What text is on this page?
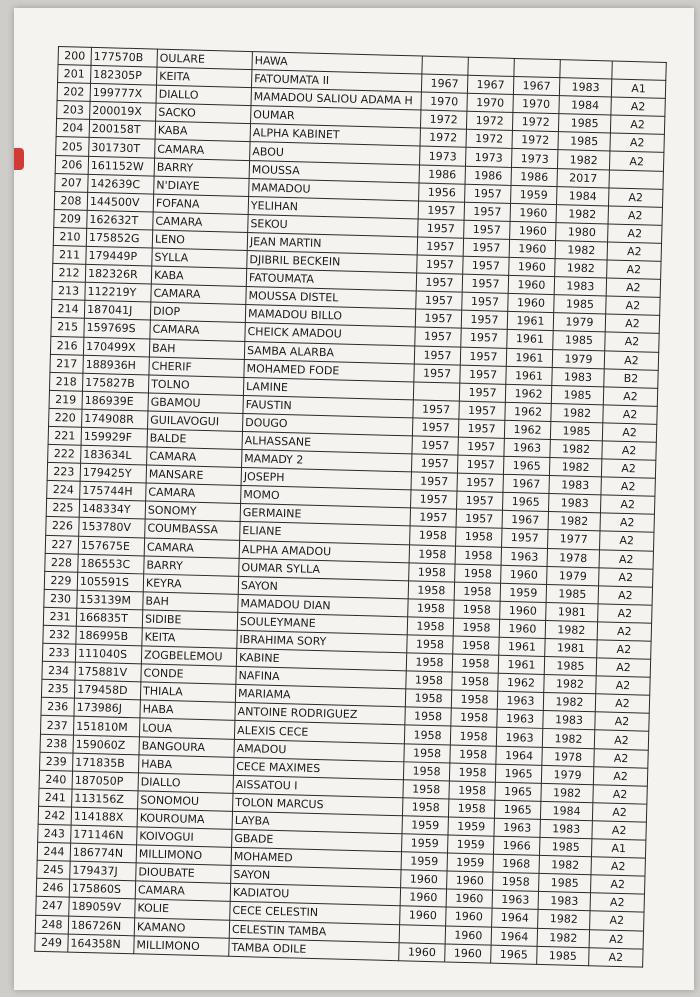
200	177570B	OULARE	HAWA					
201	182305P	KEITA	FATOUMATA II	1967	1967	1967	1983	A1
202	199777X	DIALLO	MAMADOU SALIOU ADAMA H	1970	1970	1970	1984	A2
203	200019X	SACKO	OUMAR	1972	1972	1972	1985	A2
204	200158T	KABA	ALPHA KABINET	1972	1972	1972	1985	A2
205	301730T	CAMARA	ABOU	1973	1973	1973	1982	A2
206	161152W	BARRY	MOUSSA	1986	1986	1986	2017	
207	142639C	N'DIAYE	MAMADOU	1956	1957	1959	1984	A2
208	144500V	FOFANA	YELIHAN	1957	1957	1960	1982	A2
209	162632T	CAMARA	SEKOU	1957	1957	1960	1980	A2
210	175852G	LENO	JEAN MARTIN	1957	1957	1960	1982	A2
211	179449P	SYLLA	DJIBRIL BECKEIN	1957	1957	1960	1982	A2
212	182326R	KABA	FATOUMATA	1957	1957	1960	1983	A2
213	112219Y	CAMARA	MOUSSA DISTEL	1957	1957	1960	1985	A2
214	187041J	DIOP	MAMADOU BILLO	1957	1957	1961	1979	A2
215	159769S	CAMARA	CHEICK AMADOU	1957	1957	1961	1985	A2
216	170499X	BAH	SAMBA ALARBA	1957	1957	1961	1979	A2
217	188936H	CHERIF	MOHAMED FODE	1957	1957	1961	1983	B2
218	175827B	TOLNO	LAMINE		1957	1962	1985	A2
219	186939E	GBAMOU	FAUSTIN	1957	1957	1962	1982	A2
220	174908R	GUILAVOGUI	DOUGO	1957	1957	1962	1985	A2
221	159929F	BALDE	ALHASSANE	1957	1957	1963	1982	A2
222	183634L	CAMARA	MAMADY 2	1957	1957	1965	1982	A2
223	179425Y	MANSARE	JOSEPH	1957	1957	1967	1983	A2
224	175744H	CAMARA	MOMO	1957	1957	1965	1983	A2
225	148334Y	SONOMY	GERMAINE	1957	1957	1967	1982	A2
226	153780V	COUMBASSA	ELIANE	1958	1958	1957	1977	A2
227	157675E	CAMARA	ALPHA AMADOU	1958	1958	1963	1978	A2
228	186553C	BARRY	OUMAR SYLLA	1958	1958	1960	1979	A2
229	105591S	KEYRA	SAYON	1958	1958	1959	1985	A2
230	153139M	BAH	MAMADOU DIAN	1958	1958	1960	1981	A2
231	166835T	SIDIBE	SOULEYMANE	1958	1958	1960	1982	A2
232	186995B	KEITA	IBRAHIMA SORY	1958	1958	1961	1981	A2
233	111040S	ZOGBELEMOU	KABINE	1958	1958	1961	1985	A2
234	175881V	CONDE	NAFINA	1958	1958	1962	1982	A2
235	179458D	THIALA	MARIAMA	1958	1958	1963	1982	A2
236	173986J	HABA	ANTOINE RODRIGUEZ	1958	1958	1963	1983	A2
237	151810M	LOUA	ALEXIS CECE	1958	1958	1963	1982	A2
238	159060Z	BANGOURA	AMADOU	1958	1958	1964	1978	A2
239	171835B	HABA	CECE MAXIMES	1958	1958	1965	1979	A2
240	187050P	DIALLO	AISSATOU I	1958	1958	1965	1982	A2
241	113156Z	SONOMOU	TOLON MARCUS	1958	1958	1965	1984	A2
242	114188X	KOUROUMA	LAYBA	1959	1959	1963	1983	A2
243	171146N	KOIVOGUI	GBADE	1959	1959	1966	1985	A1
244	186774N	MILLIMONO	MOHAMED	1959	1959	1968	1982	A2
245	179437J	DIOUBATE	SAYON	1960	1960	1958	1985	A2
246	175860S	CAMARA	KADIATOU	1960	1960	1963	1983	A2
247	189059V	KOLIE	CECE CELESTIN	1960	1960	1964	1982	A2
248	186726N	KAMANO	CELESTIN TAMBA		1960	1964	1982	A2
249	164358N	MILLIMONO	TAMBA ODILE	1960	1960	1965	1985	A2
